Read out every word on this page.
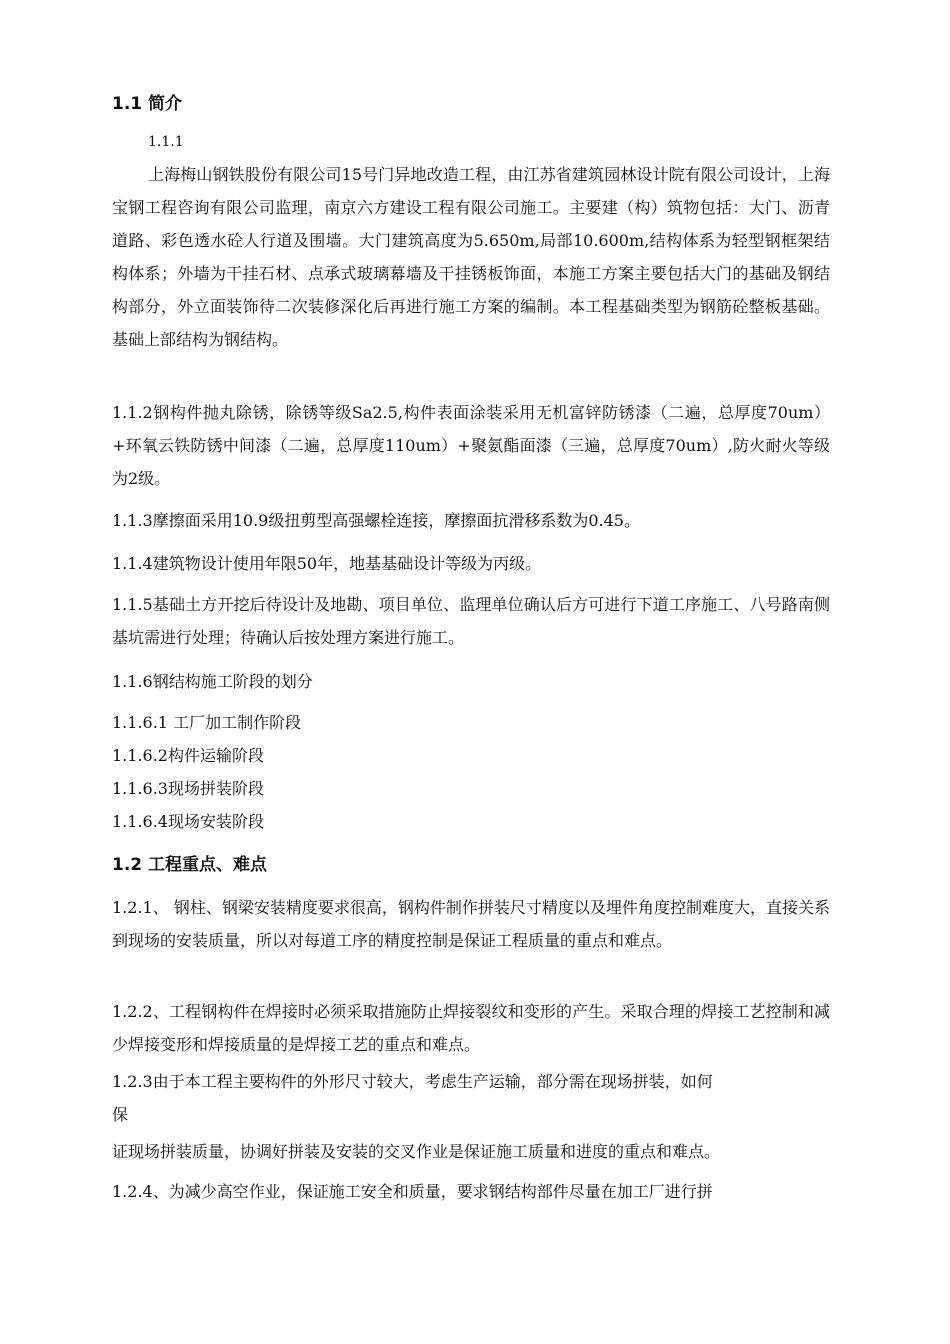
1.1 简介
1.1.1

上海梅山钢铁股份有限公司15号门异地改造工程，由江苏省建筑园林设计院有限公司设计，上海宝钢工程咨询有限公司监理，南京六方建设工程有限公司施工。主要建（构）筑物包括：大门、沥青道路、彩色透水砼人行道及围墙。大门建筑高度为5.650m,局部10.600m,结构体系为轻型钢框架结构体系；外墙为干挂石材、点承式玻璃幕墙及干挂锈板饰面，本施工方案主要包括大门的基础及钢结构部分，外立面装饰待二次装修深化后再进行施工方案的编制。本工程基础类型为钢筋砼整板基础。基础上部结构为钢结构。

1.1.2钢构件抛丸除锈，除锈等级Sa2.5,构件表面涂装采用无机富锌防锈漆（二遍，总厚度70um）+环氧云铁防锈中间漆（二遍，总厚度110um）+聚氨酯面漆（三遍，总厚度70um）,防火耐火等级为2级。

1.1.3摩擦面采用10.9级扭剪型高强螺栓连接，摩擦面抗滑移系数为0.45。

1.1.4建筑物设计使用年限50年，地基基础设计等级为丙级。

1.1.5基础土方开挖后待设计及地勘、项目单位、监理单位确认后方可进行下道工序施工、八号路南侧基坑需进行处理；待确认后按处理方案进行施工。

1.1.6钢结构施工阶段的划分

1.1.6.1 工厂加工制作阶段
1.1.6.2构件运输阶段
1.1.6.3现场拼装阶段
1.1.6.4现场安装阶段
1.2 工程重点、难点

1.2.1、 钢柱、钢梁安装精度要求很高，钢构件制作拼装尺寸精度以及埋件角度控制难度大，直接关系到现场的安装质量，所以对每道工序的精度控制是保证工程质量的重点和难点。

1.2.2、工程钢构件在焊接时必须采取措施防止焊接裂纹和变形的产生。采取合理的焊接工艺控制和减少焊接变形和焊接质量的是焊接工艺的重点和难点。

1.2.3由于本工程主要构件的外形尺寸较大，考虑生产运输，部分需在现场拼装，如何
保
证现场拼装质量，协调好拼装及安装的交叉作业是保证施工质量和进度的重点和难点。
1.2.4、为减少高空作业，保证施工安全和质量，要求钢结构部件尽量在加工厂进行拼
